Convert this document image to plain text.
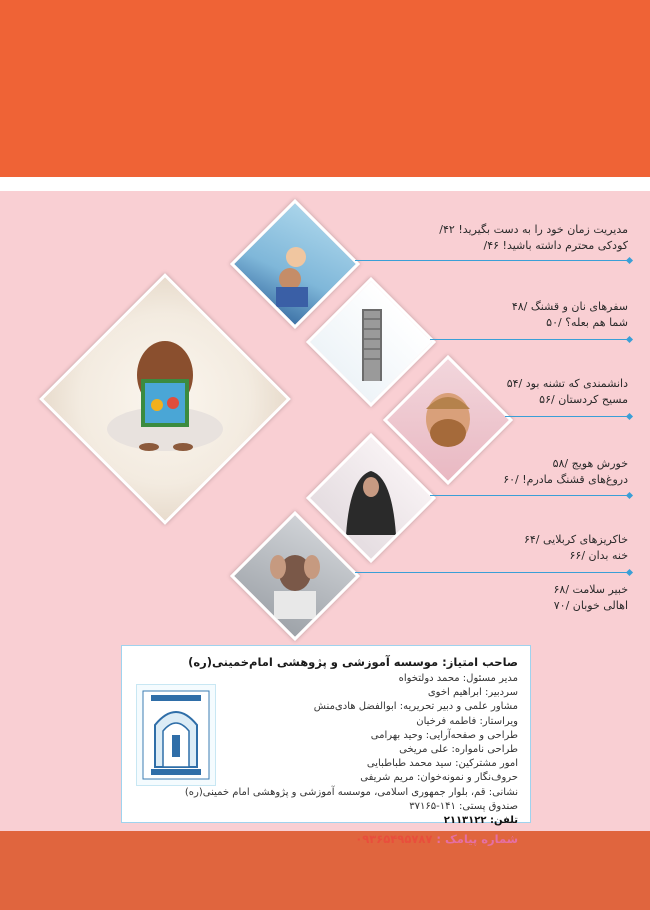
مدیریت زمان خود را به دست بگیرید! ۴۲/
کودکی محترم داشته باشید! ۴۶/
سفرهای نان و قشنگ /۴۸
شما هم بعله؟ /۵۰
دانشمندی که تشنه بود /۵۴
مسیح کردستان /۵۶
خورش هویج /۵۸
دروغ‌های قشنگ مادرم! /۶۰
خاکریزهای کربلایی /۶۴
خنه بدان /۶۶
خبیر سلامت /۶۸
اهالی خوبان /۷۰
صاحب امتیاز: موسسه آموزشی و پژوهشی امام‌خمینی(ره)
مدیر مسئول: محمد دولتخواه
سردبیر: ابراهیم اخوی
مشاور علمی و دبیر تحریریه: ابوالفضل هادی‌منش
ویراستار: فاطمه فرخیان
طراحی و صفحه‌آرایی: وحید بهرامی
طراحی نامواره: علی مریخی
امور مشترکین: سید محمد طباطبایی
حروف‌نگار و نمونه‌خوان: مریم شریفی
نشانی: قم، بلوار جمهوری اسلامی، موسسه آموزشی و پژوهشی امام خمینی(ره)
صندوق پستی: ۱۴۱-۳۷۱۶۵
تلفن: ۲۱۱۳۱۲۲
شماره پیامک : ۰۹۳۶۵۴۹۵۷۸۷
